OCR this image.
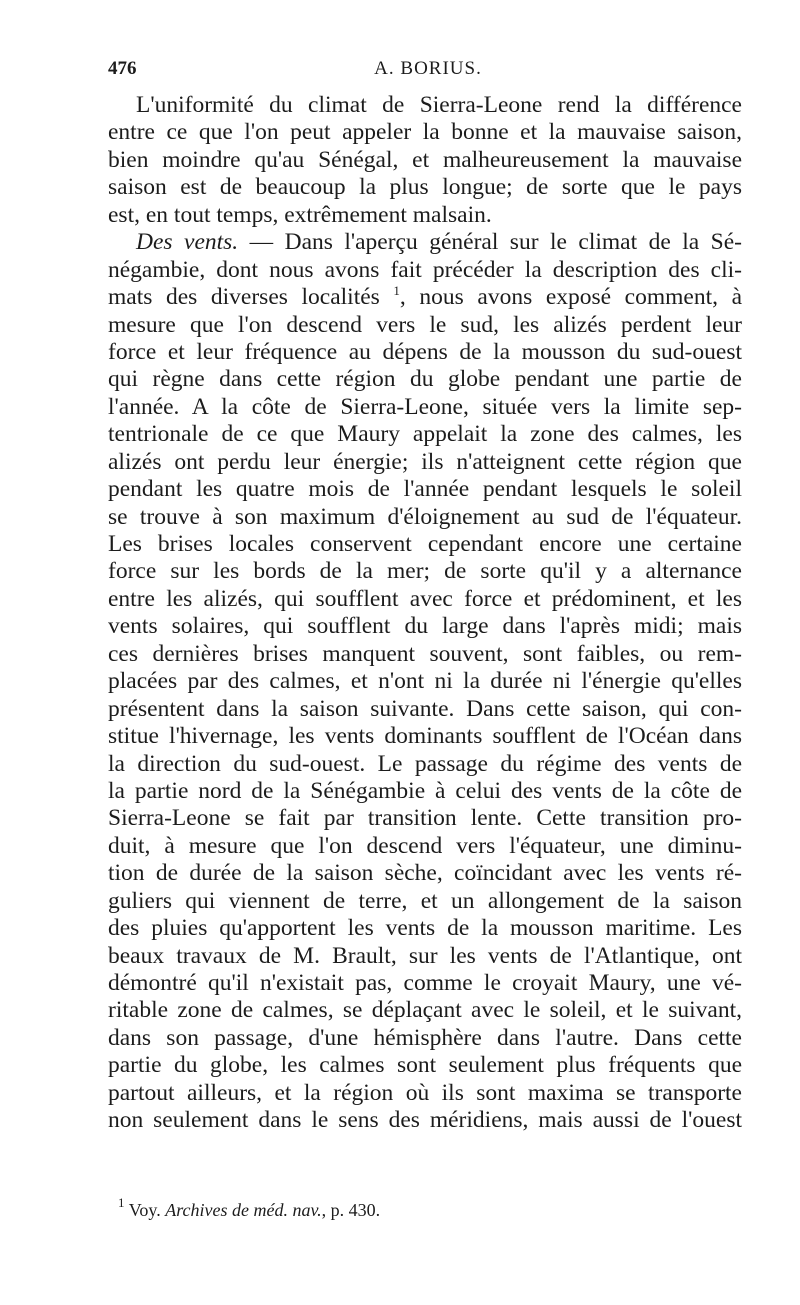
476	A. BORIUS.
L'uniformité du climat de Sierra-Leone rend la différence
entre ce que l'on peut appeler la bonne et la mauvaise saison,
bien moindre qu'au Sénégal, et malheureusement la mauvaise
saison est de beaucoup la plus longue; de sorte que le pays
est, en tout temps, extrêmement malsain.
Des vents. — Dans l'aperçu général sur le climat de la Sé-
négambie, dont nous avons fait précéder la description des cli-
mats des diverses localités $^1$, nous avons exposé comment, à
mesure que l'on descend vers le sud, les alizés perdent leur
force et leur fréquence au dépens de la mousson du sud-ouest
qui règne dans cette région du globe pendant une partie de
l'année. A la côte de Sierra-Leone, située vers la limite sep-
tentrionale de ce que Maury appelait la zone des calmes, les
alizés ont perdu leur énergie; ils n'atteignent cette région que
pendant les quatre mois de l'année pendant lesquels le soleil
se trouve à son maximum d'éloignement au sud de l'équateur.
Les brises locales conservent cependant encore une certaine
force sur les bords de la mer; de sorte qu'il y a alternance
entre les alizés, qui soufflent avec force et prédominent, et les
vents solaires, qui soufflent du large dans l'après midi; mais
ces dernières brises manquent souvent, sont faibles, ou rem-
placées par des calmes, et n'ont ni la durée ni l'énergie qu'elles
présentent dans la saison suivante. Dans cette saison, qui con-
stitue l'hivernage, les vents dominants soufflent de l'Océan dans
la direction du sud-ouest. Le passage du régime des vents de
la partie nord de la Sénégambie à celui des vents de la côte de
Sierra-Leone se fait par transition lente. Cette transition pro-
duit, à mesure que l'on descend vers l'équateur, une diminu-
tion de durée de la saison sèche, coïncidant avec les vents ré-
guliers qui viennent de terre, et un allongement de la saison
des pluies qu'apportent les vents de la mousson maritime. Les
beaux travaux de M. Brault, sur les vents de l'Atlantique, ont
démontré qu'il n'existait pas, comme le croyait Maury, une vé-
ritable zone de calmes, se déplaçant avec le soleil, et le suivant,
dans son passage, d'une hémisphère dans l'autre. Dans cette
partie du globe, les calmes sont seulement plus fréquents que
partout ailleurs, et la région où ils sont maxima se transporte
non seulement dans le sens des méridiens, mais aussi de l'ouest
$^1$ Voy. Archives de méd. nav., p. 430.
